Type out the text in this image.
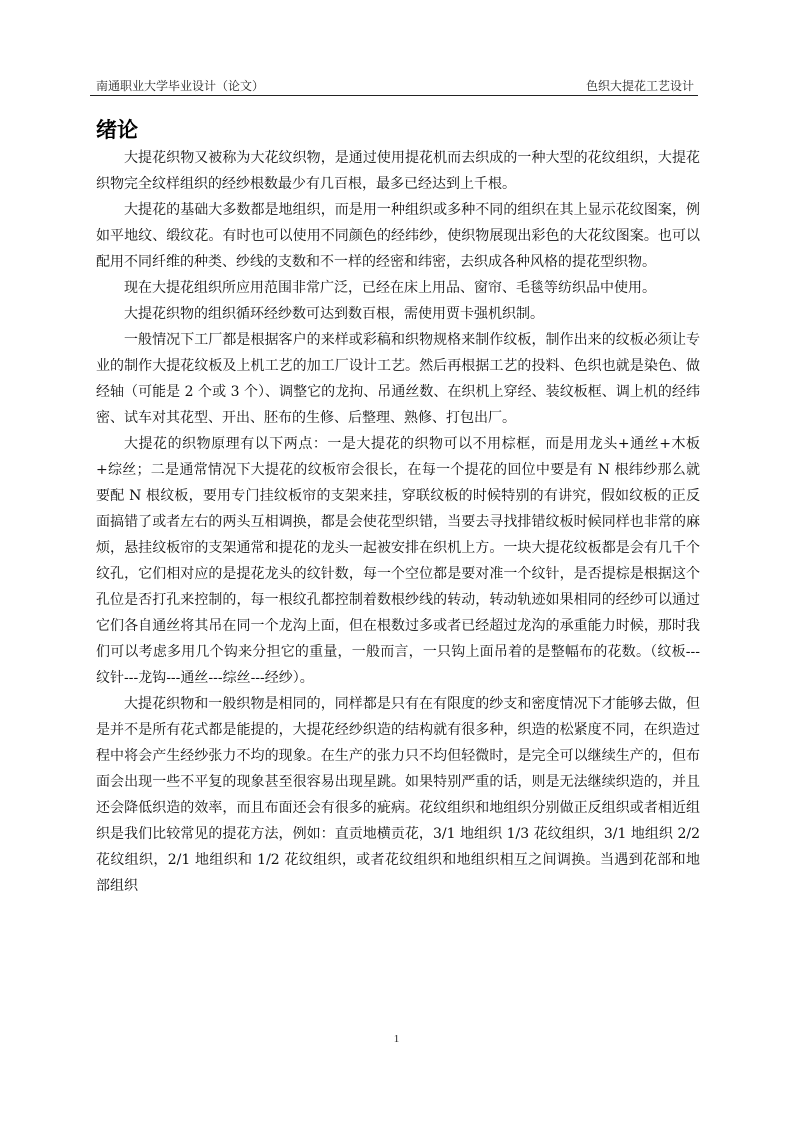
南通职业大学毕业设计（论文）	色织大提花工艺设计
绪论

大提花织物又被称为大花纹织物，是通过使用提花机而去织成的一种大型的花纹组织，大提花织物完全纹样组织的经纱根数最少有几百根，最多已经达到上千根。

大提花的基础大多数都是地组织，而是用一种组织或多种不同的组织在其上显示花纹图案，例如平地纹、缎纹花。有时也可以使用不同颜色的经纬纱，使织物展现出彩色的大花纹图案。也可以配用不同纤维的种类、纱线的支数和不一样的经密和纬密，去织成各种风格的提花型织物。

现在大提花组织所应用范围非常广泛，已经在床上用品、窗帘、毛毯等纺织品中使用。

大提花织物的组织循环经纱数可达到数百根，需使用贾卡强机织制。

一般情况下工厂都是根据客户的来样或彩稿和织物规格来制作纹板，制作出来的纹板必须让专业的制作大提花纹板及上机工艺的加工厂设计工艺。然后再根据工艺的投料、色织也就是染色、做经轴（可能是 2 个或 3 个）、调整它的龙拘、吊通丝数、在织机上穿经、装纹板框、调上机的经纬密、试车对其花型、开出、胚布的生修、后整理、熟修、打包出厂。

大提花的织物原理有以下两点：一是大提花的织物可以不用棕框，而是用龙头+通丝+木板+综丝；二是通常情况下大提花的纹板帘会很长，在每一个提花的回位中要是有 N 根纬纱那么就要配 N 根纹板，要用专门挂纹板帘的支架来挂，穿联纹板的时候特别的有讲究，假如纹板的正反面搞错了或者左右的两头互相调换，都是会使花型织错，当要去寻找排错纹板时候同样也非常的麻烦，悬挂纹板帘的支架通常和提花的龙头一起被安排在织机上方。一块大提花纹板都是会有几千个纹孔，它们相对应的是提花龙头的纹针数，每一个空位都是要对准一个纹针，是否提棕是根据这个孔位是否打孔来控制的，每一根纹孔都控制着数根纱线的转动，转动轨迹如果相同的经纱可以通过它们各自通丝将其吊在同一个龙沟上面，但在根数过多或者已经超过龙沟的承重能力时候，那时我们可以考虑多用几个钩来分担它的重量，一般而言，一只钩上面吊着的是整幅布的花数。（纹板---纹针---龙钩---通丝---综丝---经纱）。

大提花织物和一般织物是相同的，同样都是只有在有限度的纱支和密度情况下才能够去做，但是并不是所有花式都是能提的，大提花经纱织造的结构就有很多种，织造的松紧度不同，在织造过程中将会产生经纱张力不均的现象。在生产的张力只不均但轻微时，是完全可以继续生产的，但布面会出现一些不平复的现象甚至很容易出现星跳。如果特别严重的话，则是无法继续织造的，并且还会降低织造的效率，而且布面还会有很多的疵病。花纹组织和地组织分别做正反组织或者相近组织是我们比较常见的提花方法，例如：直贡地横贡花，3/1 地组织 1/3 花纹组织，3/1 地组织 2/2 花纹组织，2/1 地组织和 1/2 花纹组织，或者花纹组织和地组织相互之间调换。当遇到花部和地部组织

1
